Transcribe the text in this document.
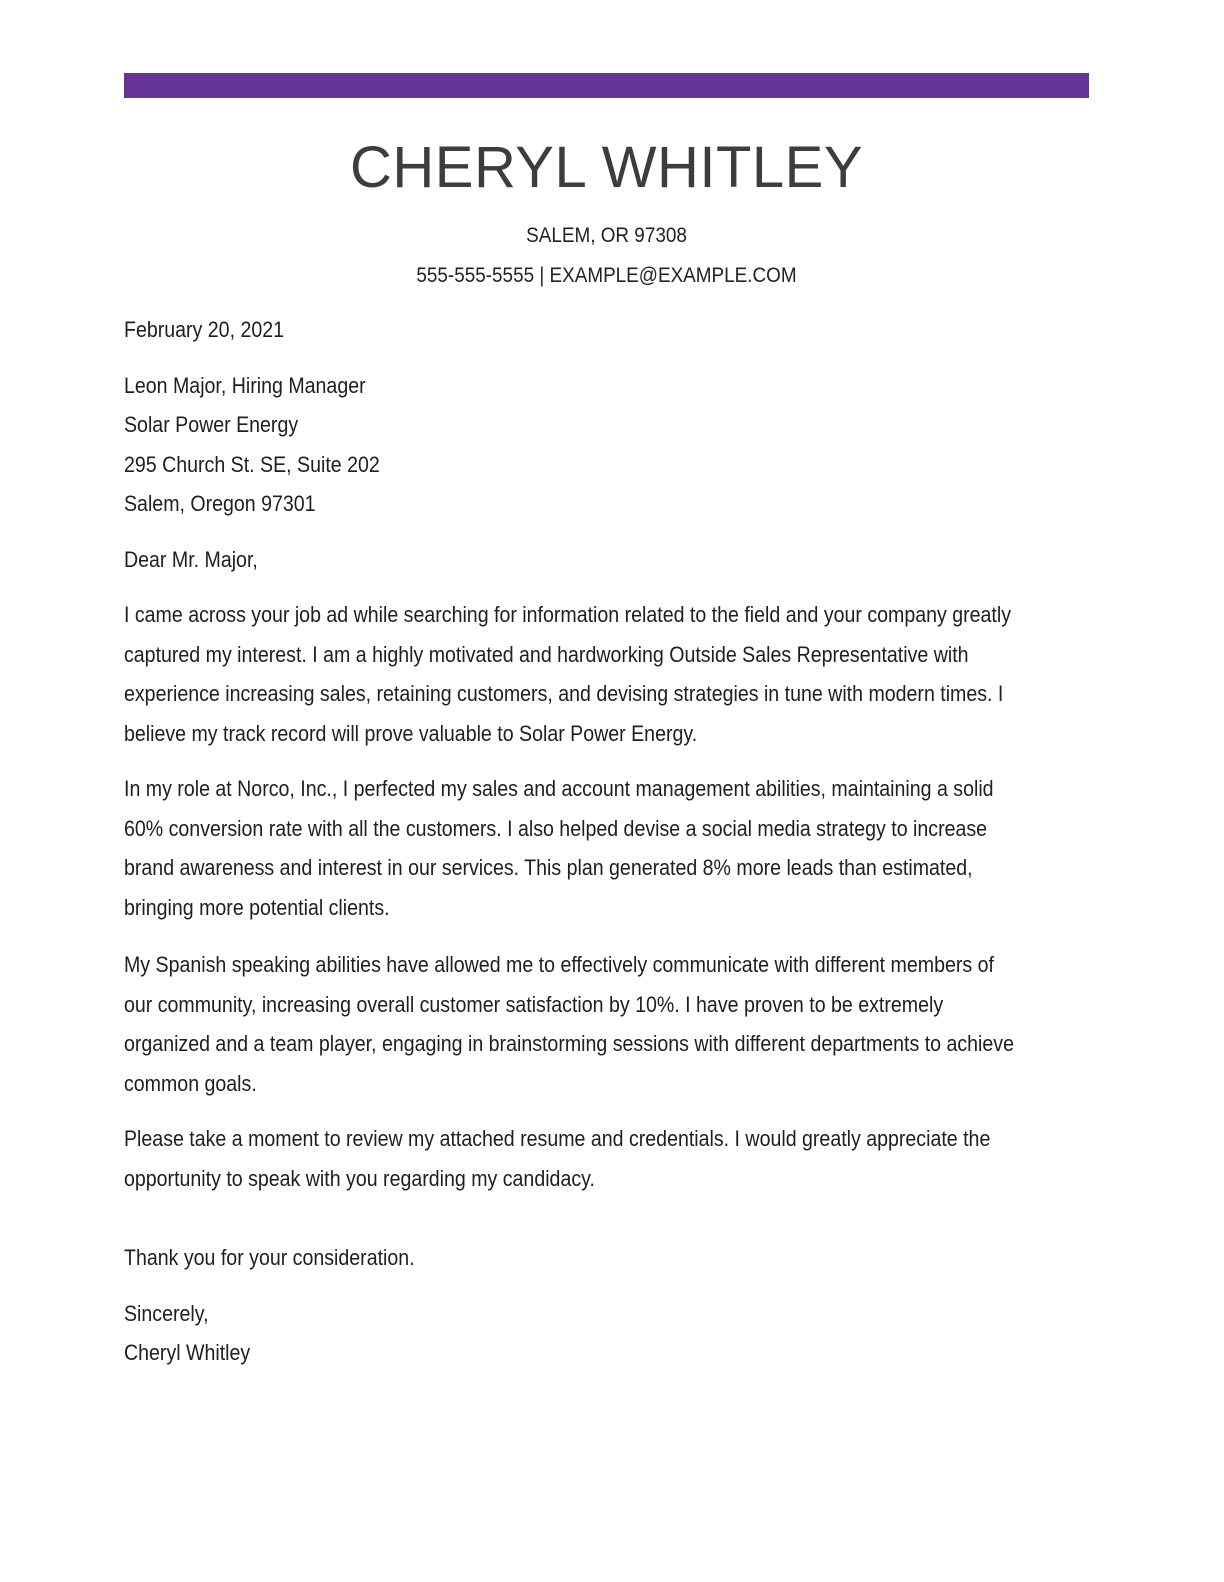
CHERYL WHITLEY
SALEM, OR 97308
555-555-5555 | EXAMPLE@EXAMPLE.COM

February 20, 2021

Leon Major, Hiring Manager

Solar Power Energy

295 Church St. SE, Suite 202

Salem, Oregon 97301

Dear Mr. Major,

I came across your job ad while searching for information related to the field and your company greatly captured my interest. I am a highly motivated and hardworking Outside Sales Representative with experience increasing sales, retaining customers, and devising strategies in tune with modern times. I believe my track record will prove valuable to Solar Power Energy.

In my role at Norco, Inc., I perfected my sales and account management abilities, maintaining a solid 60% conversion rate with all the customers. I also helped devise a social media strategy to increase brand awareness and interest in our services. This plan generated 8% more leads than estimated, bringing more potential clients.

My Spanish speaking abilities have allowed me to effectively communicate with different members of our community, increasing overall customer satisfaction by 10%. I have proven to be extremely organized and a team player, engaging in brainstorming sessions with different departments to achieve common goals.

Please take a moment to review my attached resume and credentials. I would greatly appreciate the opportunity to speak with you regarding my candidacy.

Thank you for your consideration.

Sincerely,

Cheryl Whitley
